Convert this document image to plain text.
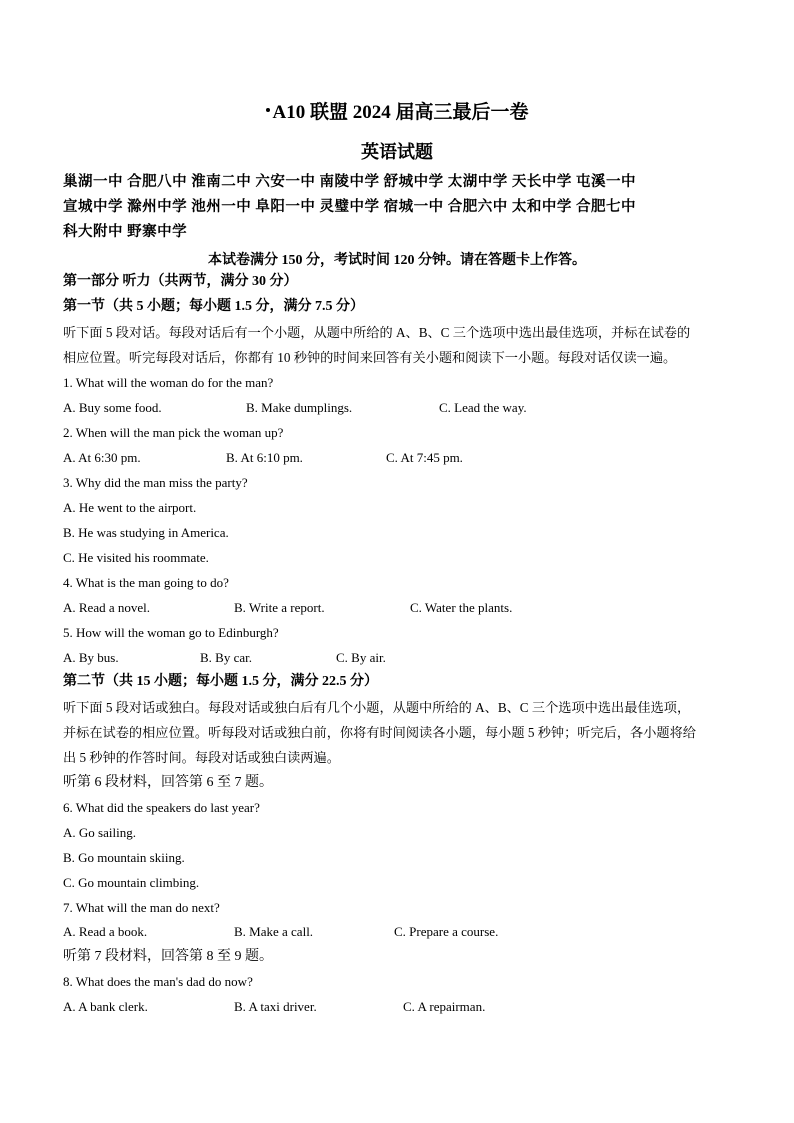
A10 联盟 2024 届高三最后一卷
英语试题
巢湖一中 合肥八中 淮南二中 六安一中 南陵中学 舒城中学 太湖中学 天长中学 屯溪一中
宣城中学 滁州中学 池州一中 阜阳一中 灵璧中学 宿城一中 合肥六中 太和中学 合肥七中
科大附中 野寨中学
本试卷满分 150 分，考试时间 120 分钟。请在答题卡上作答。
第一部分 听力（共两节，满分 30 分）
第一节（共 5 小题；每小题 1.5 分，满分 7.5 分）
听下面 5 段对话。每段对话后有一个小题，从题中所给的 A、B、C 三个选项中选出最佳选项，并标在试卷的
相应位置。听完每段对话后，你都有 10 秒钟的时间来回答有关小题和阅读下一小题。每段对话仅读一遍。
1. What will the woman do for the man?
A. Buy some food.	B. Make dumplings.	C. Lead the way.
2. When will the man pick the woman up?
A. At 6:30 pm.	B. At 6:10 pm.	C. At 7:45 pm.
3. Why did the man miss the party?
A. He went to the airport.
B. He was studying in America.
C. He visited his roommate.
4. What is the man going to do?
A. Read a novel.	B. Write a report.	C. Water the plants.
5. How will the woman go to Edinburgh?
A. By bus.	B. By car.	C. By air.
第二节（共 15 小题；每小题 1.5 分，满分 22.5 分）
听下面 5 段对话或独白。每段对话或独白后有几个小题，从题中所给的 A、B、C 三个选项中选出最佳选项，
并标在试卷的相应位置。听每段对话或独白前，你将有时间阅读各小题，每小题 5 秒钟；听完后，各小题将给
出 5 秒钟的作答时间。每段对话或独白读两遍。
听第 6 段材料，回答第 6 至 7 题。
6. What did the speakers do last year?
A. Go sailing.
B. Go mountain skiing.
C. Go mountain climbing.
7. What will the man do next?
A. Read a book.	B. Make a call.	C. Prepare a course.
听第 7 段材料，回答第 8 至 9 题。
8. What does the man's dad do now?
A. A bank clerk.	B. A taxi driver.	C. A repairman.
